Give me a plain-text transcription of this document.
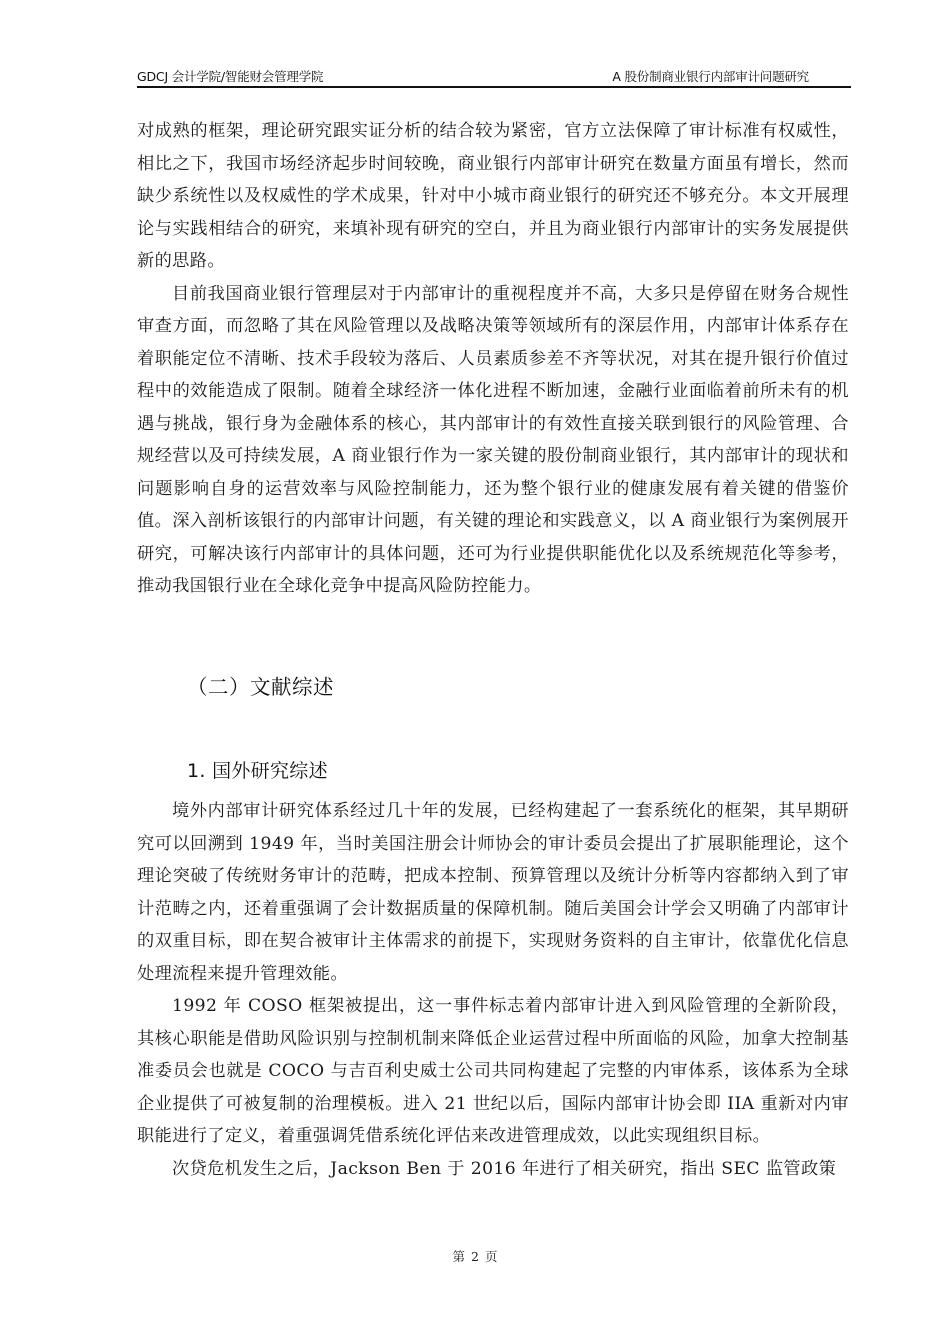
GDCJ 会计学院/智能财会管理学院	A 股份制商业银行内部审计问题研究

对成熟的框架，理论研究跟实证分析的结合较为紧密，官方立法保障了审计标准有权威性，相比之下，我国市场经济起步时间较晚，商业银行内部审计研究在数量方面虽有增长，然而缺少系统性以及权威性的学术成果，针对中小城市商业银行的研究还不够充分。本文开展理论与实践相结合的研究，来填补现有研究的空白，并且为商业银行内部审计的实务发展提供新的思路。

目前我国商业银行管理层对于内部审计的重视程度并不高，大多只是停留在财务合规性审查方面，而忽略了其在风险管理以及战略决策等领域所有的深层作用，内部审计体系存在着职能定位不清晰、技术手段较为落后、人员素质参差不齐等状况，对其在提升银行价值过程中的效能造成了限制。随着全球经济一体化进程不断加速，金融行业面临着前所未有的机遇与挑战，银行身为金融体系的核心，其内部审计的有效性直接关联到银行的风险管理、合规经营以及可持续发展，A 商业银行作为一家关键的股份制商业银行，其内部审计的现状和问题影响自身的运营效率与风险控制能力，还为整个银行业的健康发展有着关键的借鉴价值。深入剖析该银行的内部审计问题，有关键的理论和实践意义，以 A 商业银行为案例展开研究，可解决该行内部审计的具体问题，还可为行业提供职能优化以及系统规范化等参考，推动我国银行业在全球化竞争中提高风险防控能力。

（二）文献综述
1. 国外研究综述

境外内部审计研究体系经过几十年的发展，已经构建起了一套系统化的框架，其早期研究可以回溯到 1949 年，当时美国注册会计师协会的审计委员会提出了扩展职能理论，这个理论突破了传统财务审计的范畴，把成本控制、预算管理以及统计分析等内容都纳入到了审计范畴之内，还着重强调了会计数据质量的保障机制。随后美国会计学会又明确了内部审计的双重目标，即在契合被审计主体需求的前提下，实现财务资料的自主审计，依靠优化信息处理流程来提升管理效能。

1992 年 COSO 框架被提出，这一事件标志着内部审计进入到风险管理的全新阶段，其核心职能是借助风险识别与控制机制来降低企业运营过程中所面临的风险，加拿大控制基准委员会也就是 COCO 与吉百利史威士公司共同构建起了完整的内审体系，该体系为全球企业提供了可被复制的治理模板。进入 21 世纪以后，国际内部审计协会即 IIA 重新对内审职能进行了定义，着重强调凭借系统化评估来改进管理成效，以此实现组织目标。

次贷危机发生之后，Jackson Ben 于 2016 年进行了相关研究，指出 SEC 监管政策

第 2 页
